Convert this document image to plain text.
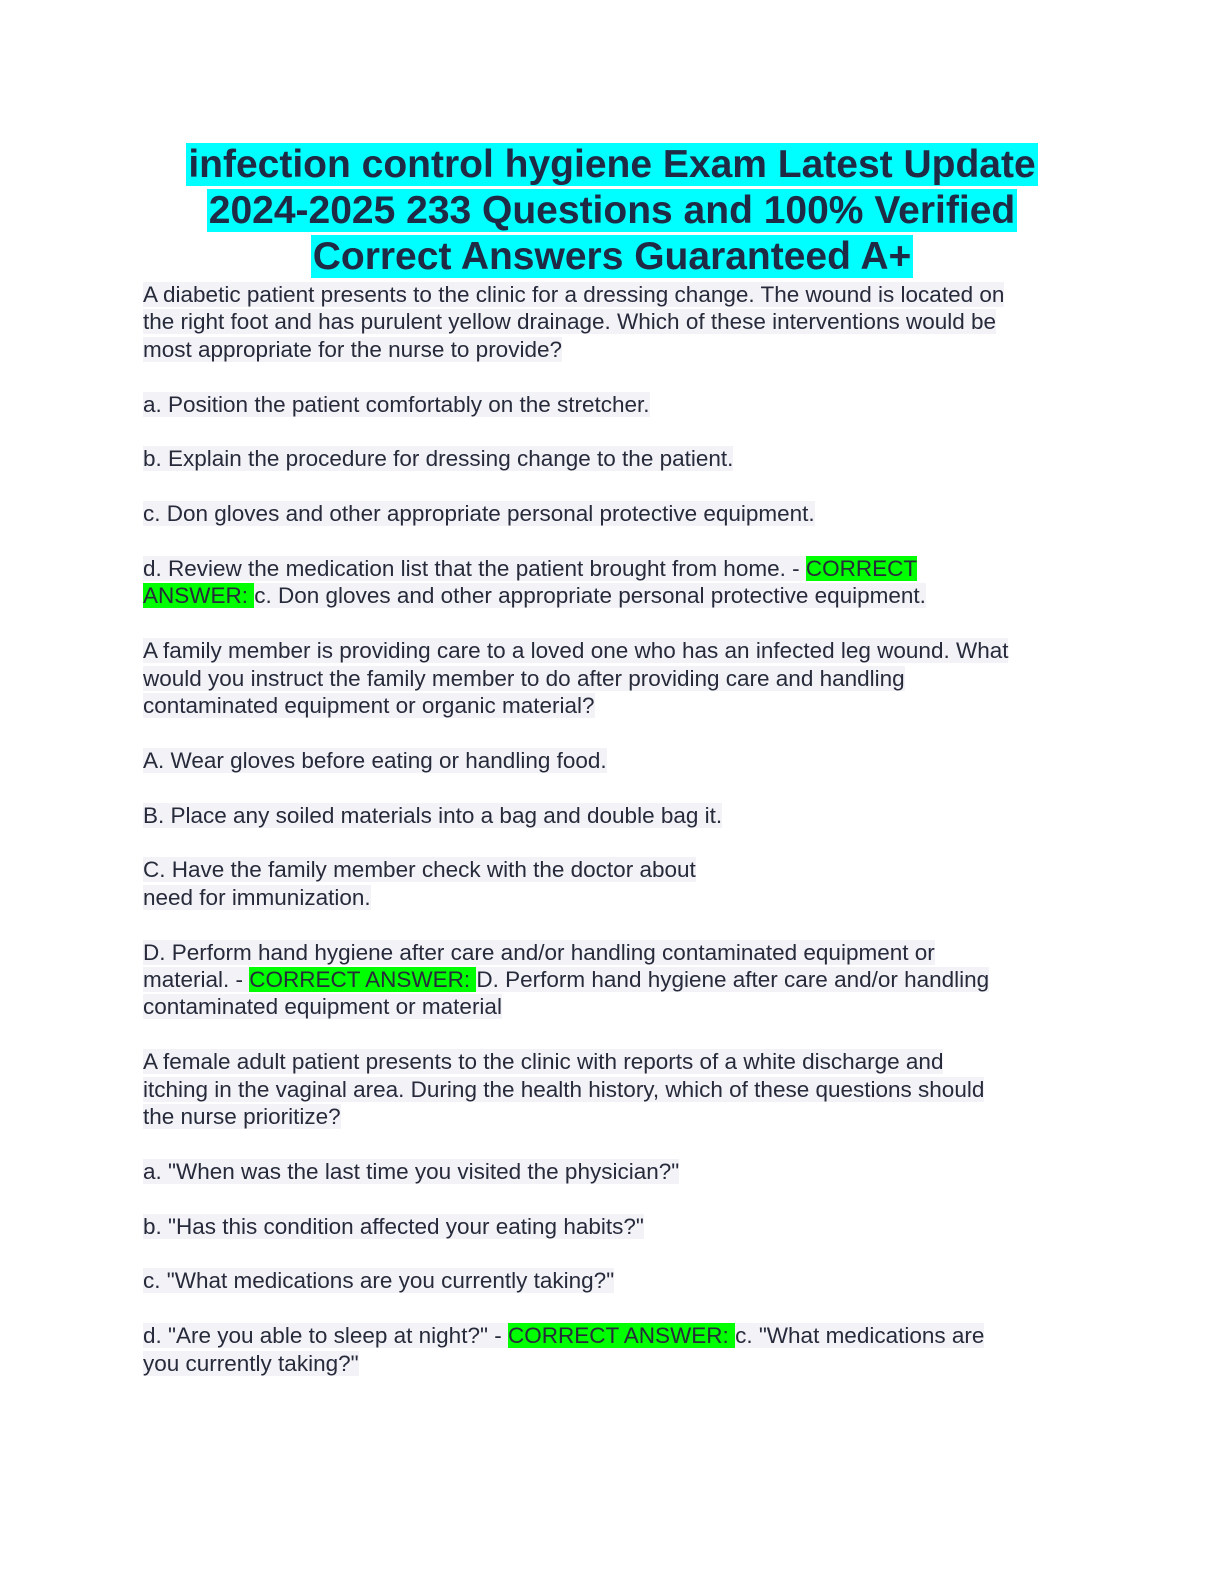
infection control hygiene Exam Latest Update
2024-2025 233 Questions and 100% Verified
Correct Answers Guaranteed A+

A diabetic patient presents to the clinic for a dressing change. The wound is located on
the right foot and has purulent yellow drainage. Which of these interventions would be
most appropriate for the nurse to provide?

a. Position the patient comfortably on the stretcher.

b. Explain the procedure for dressing change to the patient.

c. Don gloves and other appropriate personal protective equipment.

d. Review the medication list that the patient brought from home. - CORRECT
ANSWER: c. Don gloves and other appropriate personal protective equipment.

A family member is providing care to a loved one who has an infected leg wound. What
would you instruct the family member to do after providing care and handling
contaminated equipment or organic material?

A. Wear gloves before eating or handling food.

B. Place any soiled materials into a bag and double bag it.

C. Have the family member check with the doctor about
need for immunization.

D. Perform hand hygiene after care and/or handling contaminated equipment or
material. - CORRECT ANSWER: D. Perform hand hygiene after care and/or handling
contaminated equipment or material

A female adult patient presents to the clinic with reports of a white discharge and
itching in the vaginal area. During the health history, which of these questions should
the nurse prioritize?

a. "When was the last time you visited the physician?"

b. "Has this condition affected your eating habits?"

c. "What medications are you currently taking?"

d. "Are you able to sleep at night?" - CORRECT ANSWER: c. "What medications are
you currently taking?"
